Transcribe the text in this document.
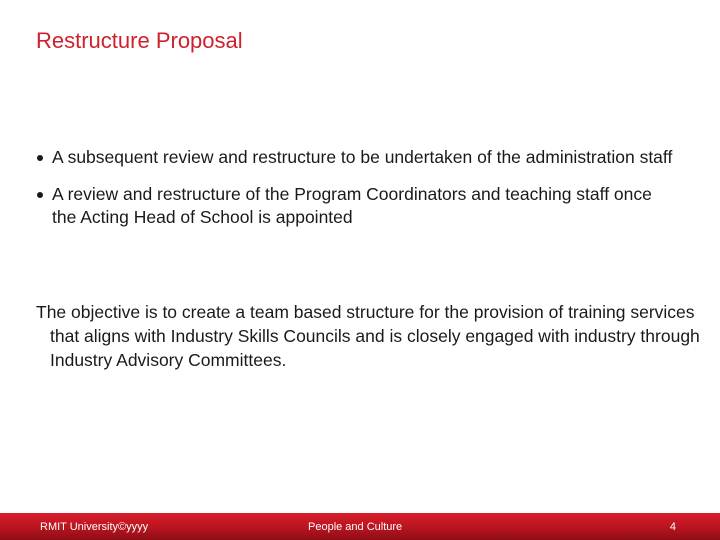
Restructure Proposal
A subsequent review and restructure to be undertaken of the administration staff
A review and restructure of the Program Coordinators and teaching staff once the Acting Head of School is appointed

The objective is to create a team based structure for the provision of training services that aligns with Industry Skills Councils and is closely engaged with industry through Industry Advisory Committees.

RMIT University©yyyy	People and Culture	4
